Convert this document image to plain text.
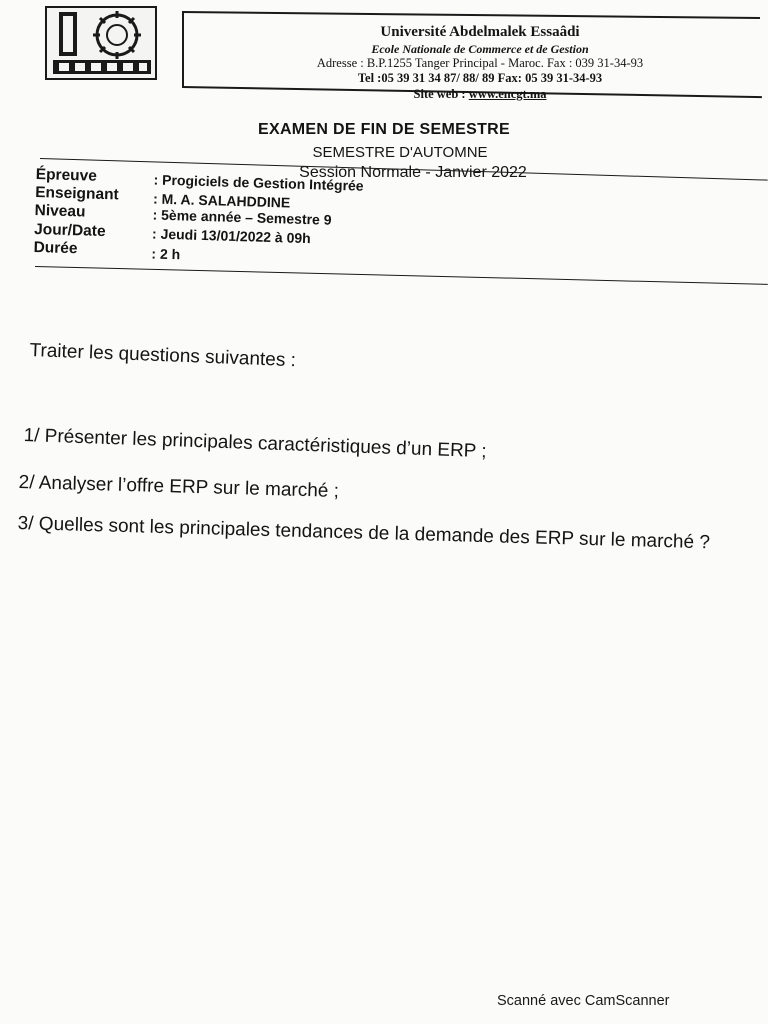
Université Abdelmalek Essaâdi
Ecole Nationale de Commerce et de Gestion
Adresse : B.P.1255 Tanger Principal - Maroc. Fax : 039 31-34-93
Tel :05 39 31 34 87/ 88/ 89 Fax: 05 39 31-34-93
Site web : www.encgt.ma
EXAMEN DE FIN DE SEMESTRE
SEMESTRE D'AUTOMNE
Session Normale - Janvier 2022
Épreuve	: Progiciels de Gestion Intégrée
Enseignant : M. A. SALAHDDINE
Niveau	: 5ème année – Semestre 9
Jour/Date	: Jeudi 13/01/2022 à 09h
Durée	: 2 h
Traiter les questions suivantes :
1/ Présenter les principales caractéristiques d’un ERP ;
2/ Analyser l’offre ERP sur le marché ;
3/ Quelles sont les principales tendances de la demande des ERP sur le marché ?
Scanné avec CamScanner
